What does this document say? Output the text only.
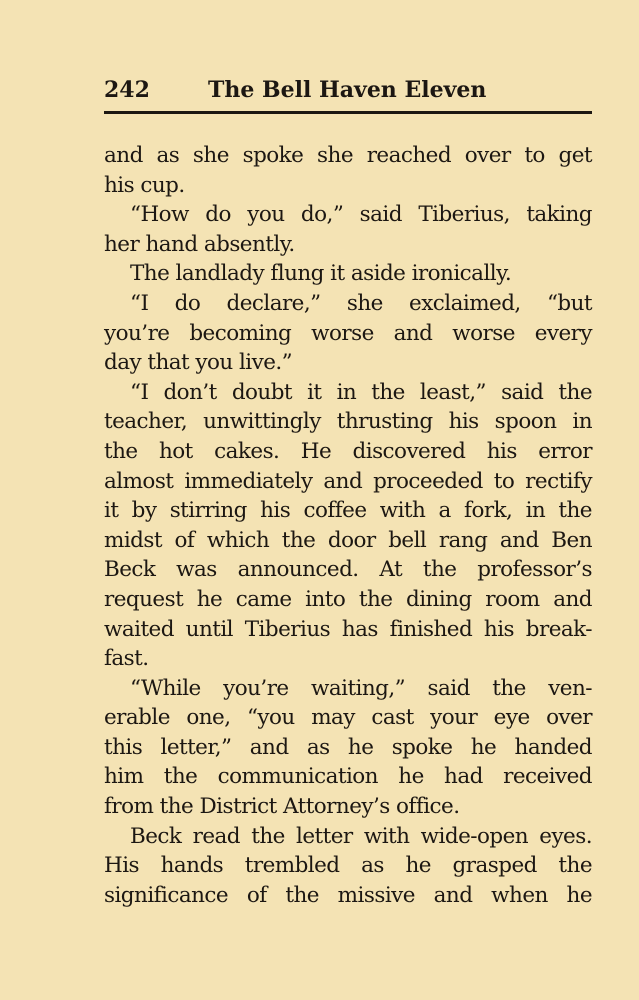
242	The Bell Haven Eleven
and as she spoke she reached over to get
his cup.
“How do you do,” said Tiberius, taking
her hand absently.
The landlady flung it aside ironically.
“I do declare,” she exclaimed, “but
you’re becoming worse and worse every
day that you live.”
“I don’t doubt it in the least,” said the
teacher, unwittingly thrusting his spoon in
the hot cakes. He discovered his error
almost immediately and proceeded to rectify
it by stirring his coffee with a fork, in the
midst of which the door bell rang and Ben
Beck was announced. At the professor’s
request he came into the dining room and
waited until Tiberius has finished his break-
fast.
“While you’re waiting,” said the ven-
erable one, “you may cast your eye over
this letter,” and as he spoke he handed
him the communication he had received
from the District Attorney’s office.
Beck read the letter with wide-open eyes.
His hands trembled as he grasped the
significance of the missive and when he
